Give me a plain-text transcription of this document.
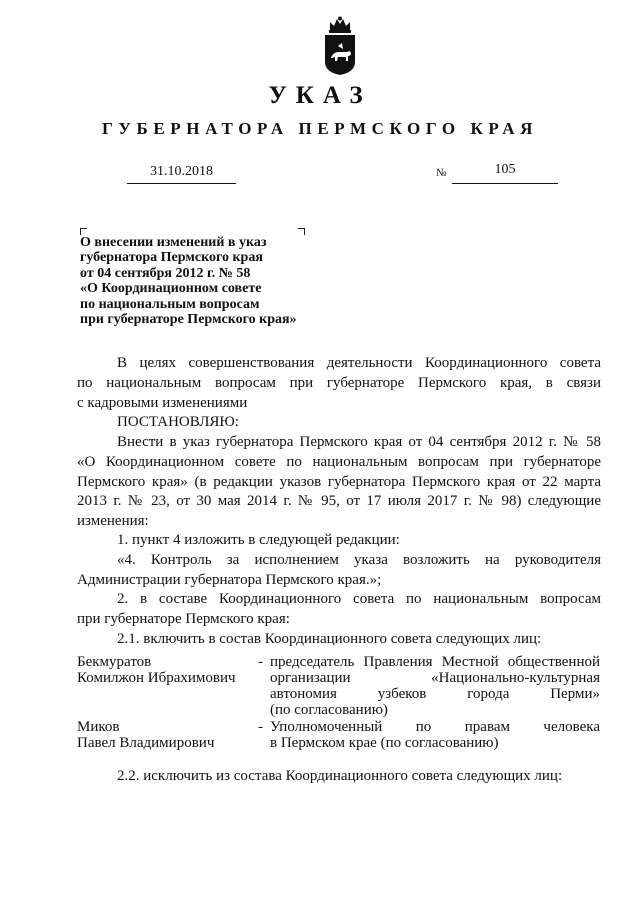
УКАЗ
ГУБЕРНАТОРА ПЕРМСКОГО КРАЯ
31.10.2018	№	105
О внесении изменений в указ
губернатора Пермского края
от 04 сентября 2012 г. № 58
«О Координационном совете
по национальным вопросам
при губернаторе Пермского края»
В целях совершенствования деятельности Координационного совета
по национальным вопросам при губернаторе Пермского края, в связи
с кадровыми изменениями
ПОСТАНОВЛЯЮ:
Внести в указ губернатора Пермского края от 04 сентября 2012 г. № 58
«О Координационном совете по национальным вопросам при губернаторе
Пермского края» (в редакции указов губернатора Пермского края от 22 марта
2013 г. № 23, от 30 мая 2014 г. № 95, от 17 июля 2017 г. № 98) следующие
изменения:
1. пункт 4 изложить в следующей редакции:
«4. Контроль за исполнением указа возложить на руководителя
Администрации губернатора Пермского края.»;
2. в составе Координационного совета по национальным вопросам
при губернаторе Пермского края:
2.1. включить в состав Координационного совета следующих лиц:
Бекмуратов
Комилжон Ибрахимович
- председатель Правления Местной общественной
организации «Национально-культурная
автономия узбеков города Перми»
(по согласованию)
Миков
Павел Владимирович
- Уполномоченный по правам человека
в Пермском крае (по согласованию)
2.2. исключить из состава Координационного совета следующих лиц:
